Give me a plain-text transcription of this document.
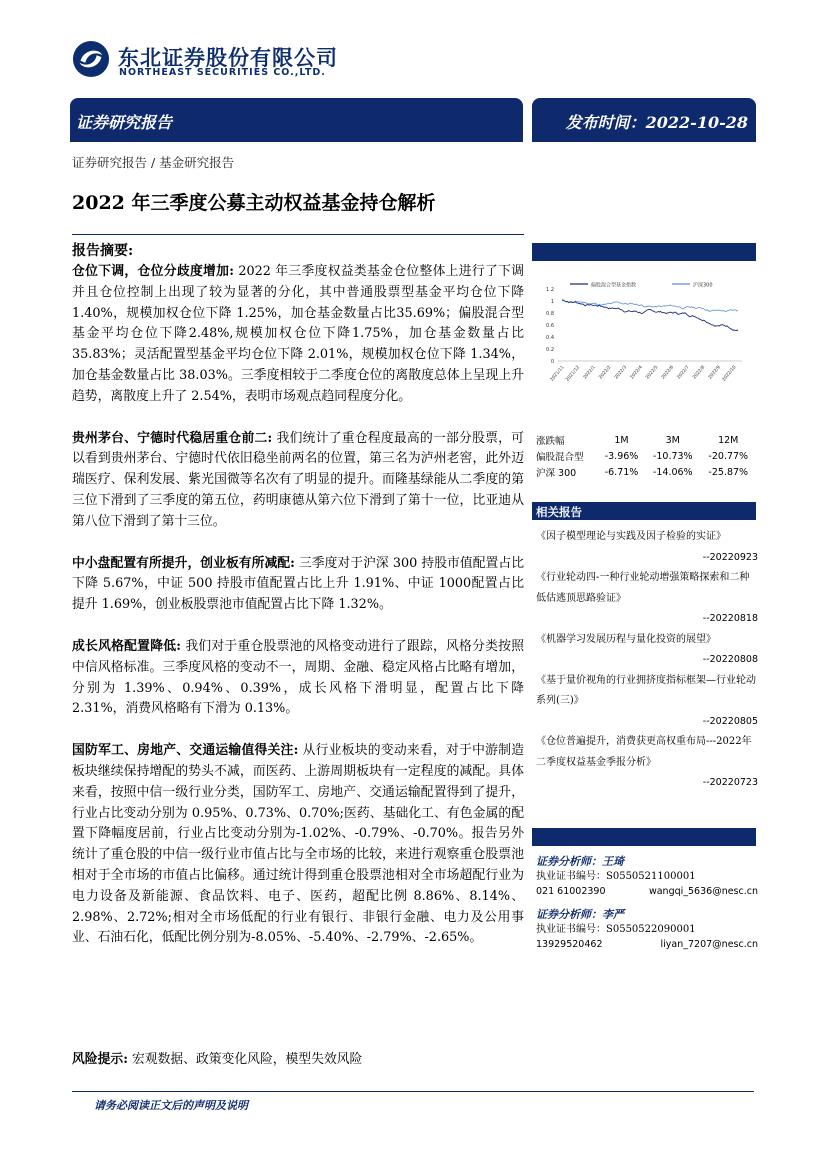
东北证券股份有限公司
NORTHEAST SECURITIES CO.,LTD.
证券研究报告	发布时间：2022-10-28
证券研究报告 / 基金研究报告
2022 年三季度公募主动权益基金持仓解析
报告摘要:

仓位下调，仓位分歧度增加: 2022 年三季度权益类基金仓位整体上进行了下调并且仓位控制上出现了较为显著的分化，其中普通股票型基金平均仓位下降 1.40%，规模加权仓位下降 1.25%，加仓基金数量占比35.69%；偏股混合型基金平均仓位下降2.48%,规模加权仓位下降1.75%，加仓基金数量占比 35.83%；灵活配置型基金平均仓位下降 2.01%，规模加权仓位下降 1.34%，加仓基金数量占比 38.03%。三季度相较于二季度仓位的离散度总体上呈现上升趋势，离散度上升了 2.54%，表明市场观点趋同程度分化。

贵州茅台、宁德时代稳居重仓前二: 我们统计了重仓程度最高的一部分股票，可以看到贵州茅台、宁德时代依旧稳坐前两名的位置，第三名为泸州老窖，此外迈瑞医疗、保利发展、紫光国微等名次有了明显的提升。而隆基绿能从二季度的第三位下滑到了三季度的第五位，药明康德从第六位下滑到了第十一位，比亚迪从第八位下滑到了第十三位。

中小盘配置有所提升，创业板有所减配: 三季度对于沪深 300 持股市值配置占比下降 5.67%，中证 500 持股市值配置占比上升 1.91%、中证 1000配置占比提升 1.69%，创业板股票池市值配置占比下降 1.32%。

成长风格配置降低: 我们对于重仓股票池的风格变动进行了跟踪，风格分类按照中信风格标准。三季度风格的变动不一，周期、金融、稳定风格占比略有增加，分别为 1.39%、0.94%、0.39%，成长风格下滑明显，配置占比下降 2.31%，消费风格略有下滑为 0.13%。

国防军工、房地产、交通运输值得关注: 从行业板块的变动来看，对于中游制造板块继续保持增配的势头不减，而医药、上游周期板块有一定程度的减配。具体来看，按照中信一级行业分类，国防军工、房地产、交通运输配置得到了提升，行业占比变动分别为 0.95%、0.73%、0.70%;医药、基础化工、有色金属的配置下降幅度居前，行业占比变动分别为-1.02%、-0.79%、-0.70%。报告另外统计了重仓股的中信一级行业市值占比与全市场的比较，来进行观察重仓股票池相对于全市场的市值占比偏移。通过统计得到重仓股票池相对全市场超配行业为电力设备及新能源、食品饮料、电子、医药，超配比例 8.86%、8.14%、2.98%、2.72%;相对全市场低配的行业有银行、非银行金融、电力及公用事业、石油石化，低配比例分别为-8.05%、-5.40%、-2.79%、-2.65%。

风险提示: 宏观数据、政策变化风险，模型失效风险
请务必阅读正文后的声明及说明
偏股混合型基金指数	沪深300
1.2
1
0.8
0.6
0.4
0.2
0
2021/11 2021/12 2022/1 2022/2 2022/3 2022/4 2022/5 2022/6 2022/7 2022/8 2022/9 2022/10
涨跌幅	1M	3M	12M
偏股混合型	-3.96%	-10.73%	-20.77%
沪深 300	-6.71%	-14.06%	-25.87%
相关报告
《因子模型理论与实践及因子检验的实证》
--20220923
《行业轮动四-一种行业轮动增强策略探索和二种低估逃顶思路验证》
--20220818
《机器学习发展历程与量化投资的展望》
--20220808
《基于量价视角的行业拥挤度指标框架—行业轮动系列(三)》
--20220805
《仓位普遍提升，消费获更高权重布局---2022年二季度权益基金季报分析》
--20220723
证券分析师：王琦
执业证书编号：S0550521100001
021 61002390	wangqi_5636@nesc.cn
证券分析师：李严
执业证书编号：S0550522090001
13929520462	liyan_7207@nesc.cn
